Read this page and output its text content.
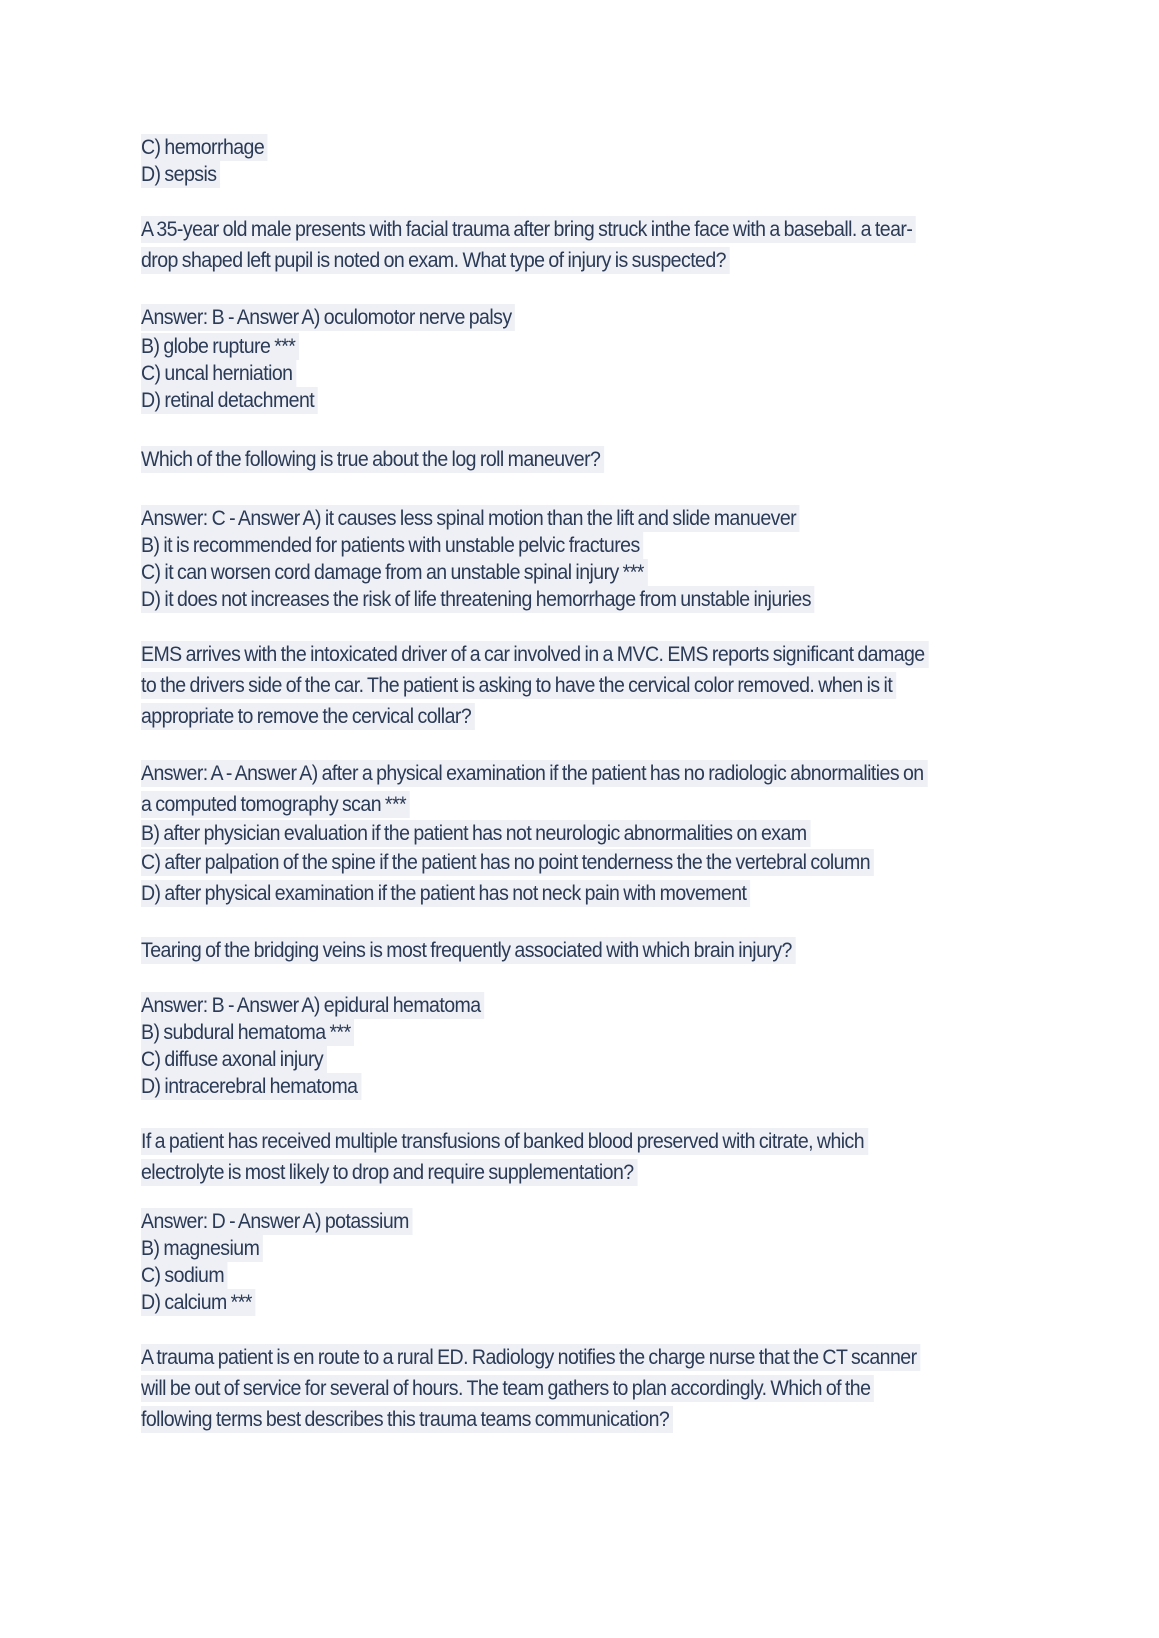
C) hemorrhage
D) sepsis
A 35-year old male presents with facial trauma after bring struck inthe face with a baseball. a tear-
drop shaped left pupil is noted on exam. What type of injury is suspected?
Answer: B - Answer A) oculomotor nerve palsy
B) globe rupture ***
C) uncal herniation
D) retinal detachment
Which of the following is true about the log roll maneuver?
Answer: C - Answer A) it causes less spinal motion than the lift and slide manuever
B) it is recommended for patients with unstable pelvic fractures
C) it can worsen cord damage from an unstable spinal injury ***
D) it does not increases the risk of life threatening hemorrhage from unstable injuries
EMS arrives with the intoxicated driver of a car involved in a MVC. EMS reports significant damage
to the drivers side of the car. The patient is asking to have the cervical color removed. when is it
appropriate to remove the cervical collar?
Answer: A - Answer A) after a physical examination if the patient has no radiologic abnormalities on
a computed tomography scan ***
B) after physician evaluation if the patient has not neurologic abnormalities on exam
C) after palpation of the spine if the patient has no point tenderness the the vertebral column
D) after physical examination if the patient has not neck pain with movement
Tearing of the bridging veins is most frequently associated with which brain injury?
Answer: B - Answer A) epidural hematoma
B) subdural hematoma ***
C) diffuse axonal injury
D) intracerebral hematoma
If a patient has received multiple transfusions of banked blood preserved with citrate, which
electrolyte is most likely to drop and require supplementation?
Answer: D - Answer A) potassium
B) magnesium
C) sodium
D) calcium ***
A trauma patient is en route to a rural ED. Radiology notifies the charge nurse that the CT scanner
will be out of service for several of hours. The team gathers to plan accordingly. Which of the
following terms best describes this trauma teams communication?
